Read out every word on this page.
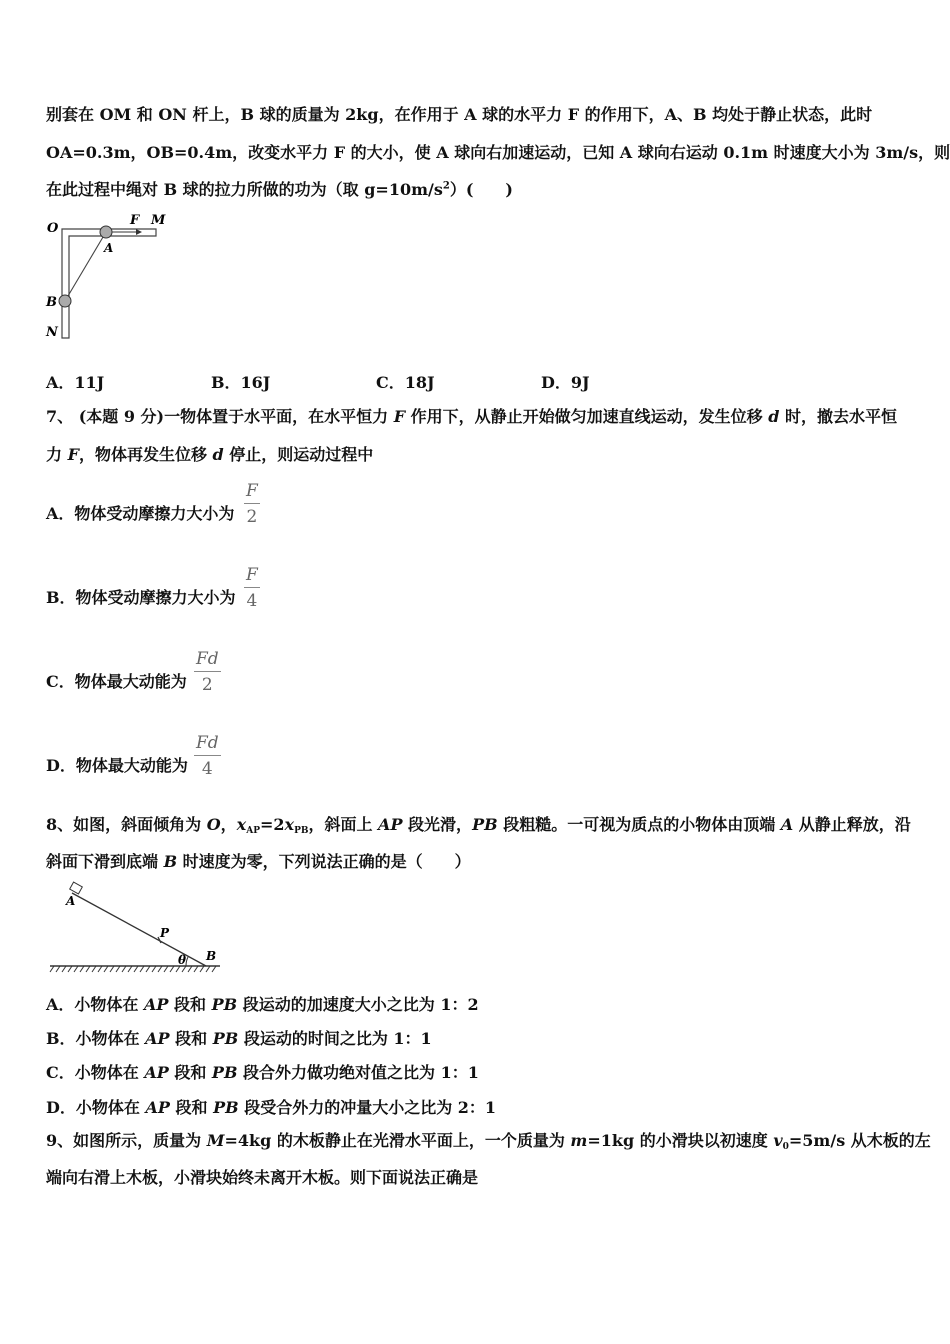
别套在 OM 和 ON 杆上，B 球的质量为 2kg，在作用于 A 球的水平力 F 的作用下，A、B 均处于静止状态，此时
OA=0.3m，OB=0.4m，改变水平力 F 的大小，使 A 球向右加速运动，已知 A 球向右运动 0.1m 时速度大小为 3m/s，则
在此过程中绳对 B 球的拉力所做的功为（取 $g=10m/s^2$）(　　)
O
F M
A
B
N
A．11J	B．16J	C．18J	D．9J
7、 (本题 9 分)一物体置于水平面，在水平恒力 F 作用下，从静止开始做匀加速直线运动，发生位移 d 时，撤去水平恒
力 F，物体再发生位移 d 停止，则运动过程中
A．物体受动摩擦力大小为
F
2
B．物体受动摩擦力大小为
F
4
C．物体最大动能为
Fd
2
D．物体最大动能为
Fd
4
8、如图，斜面倾角为 O，$x_{AP}=2x_{PB}$，斜面上 AP 段光滑，PB 段粗糙。一可视为质点的小物体由顶端 A 从静止释放，沿
斜面下滑到底端 B 时速度为零，下列说法正确的是（　　）
A
P
θ B
A．小物体在 AP 段和 PB 段运动的加速度大小之比为 1：2
B．小物体在 AP 段和 PB 段运动的时间之比为 1：1
C．小物体在 AP 段和 PB 段合外力做功绝对值之比为 1：1
D．小物体在 AP 段和 PB 段受合外力的冲量大小之比为 2：1
9、如图所示，质量为 M=4kg 的木板静止在光滑水平面上，一个质量为 m=1kg 的小滑块以初速度 $v_0=5m/s$ 从木板的左
端向右滑上木板，小滑块始终未离开木板。则下面说法正确是
